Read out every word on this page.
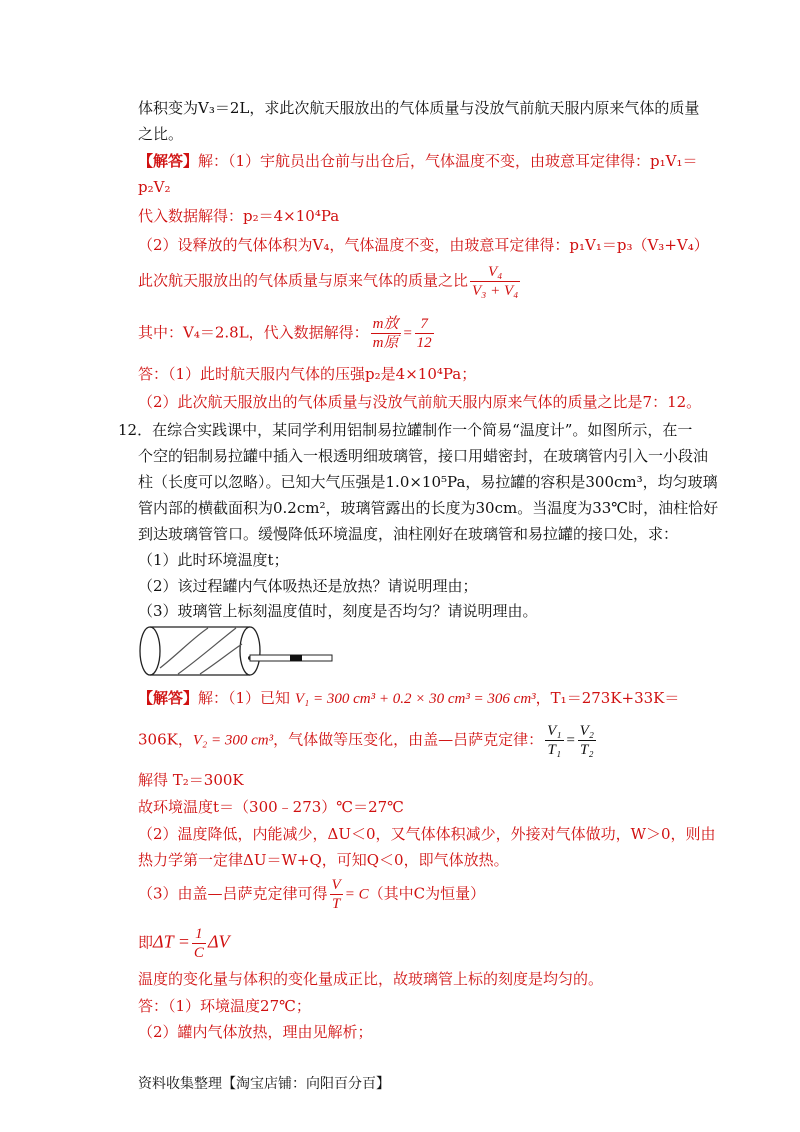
体积变为V₃＝2L，求此次航天服放出的气体质量与没放气前航天服内原来气体的质量
之比。
【解答】解：（1）宇航员出仓前与出仓后，气体温度不变，由玻意耳定律得：p₁V₁＝
p₂V₂
代入数据解得：p₂＝4×10⁴Pa
（2）设释放的气体体积为V₄，气体温度不变，由玻意耳定律得：p₁V₁＝p₃（V₃+V₄）
此次航天服放出的气体质量与原来气体的质量之比 $\frac{\text{V₄}}{\text{V₃ + V₄}}$
其中：V₄＝2.8L，代入数据解得： $\frac{\text{m放}}{\text{m原}} = \frac{7}{12}$
答：（1）此时航天服内气体的压强p₂是4×10⁴Pa；
（2）此次航天服放出的气体质量与没放气前航天服内原来气体的质量之比是7：12。
12．在综合实践课中，某同学利用铝制易拉罐制作一个简易“温度计”。如图所示，在一
个空的铝制易拉罐中插入一根透明细玻璃管，接口用蜡密封，在玻璃管内引入一小段油
柱（长度可以忽略）。已知大气压强是1.0×10⁵Pa，易拉罐的容积是300cm³，均匀玻璃
管内部的横截面积为0.2cm²，玻璃管露出的长度为30cm。当温度为33℃时，油柱恰好
到达玻璃管管口。缓慢降低环境温度，油柱刚好在玻璃管和易拉罐的接口处，求：
（1）此时环境温度t；
（2）该过程罐内气体吸热还是放热？请说明理由；
（3）玻璃管上标刻温度值时，刻度是否均匀？请说明理由。
【解答】解：（1）已知 V₁ = 300 cm³ + 0.2 × 30 cm³ = 306 cm³，T₁＝273K+33K＝
306K，V₂ = 300 cm³，气体做等压变化，由盖—吕萨克定律： $\frac{\text{V₁}}{\text{T₁}} = \frac{\text{V₂}}{\text{T₂}}$
解得 T₂＝300K
故环境温度t＝（300﹣273）℃＝27℃
（2）温度降低，内能减少，ΔU＜0，又气体体积减少，外接对气体做功，W＞0，则由
热力学第一定律ΔU＝W+Q，可知Q＜0，即气体放热。
（3）由盖—吕萨克定律可得 $\frac{V}{T} = C$（其中C为恒量）
即$\Delta T = \frac{1}{C}$ ΔV
温度的变化量与体积的变化量成正比，故玻璃管上标的刻度是均匀的。
答：（1）环境温度27℃；
（2）罐内气体放热，理由见解析；
资料收集整理【淘宝店铺：向阳百分百】
